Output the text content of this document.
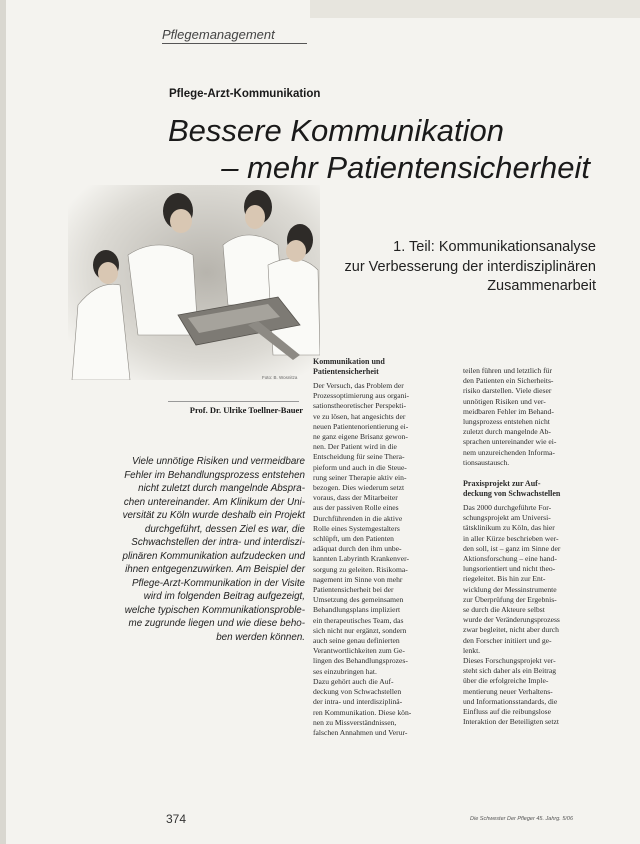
Pflegemanagement
Pflege-Arzt-Kommunikation
Bessere Kommunikation
– mehr Patientensicherheit
Foto: B. Wosnitza
1. Teil: Kommunikationsanalyse
zur Verbesserung der interdisziplinären
Zusammenarbeit
Prof. Dr. Ulrike Toellner-Bauer
Viele unnötige Risiken und vermeidbare
Fehler im Behandlungsprozess entstehen
nicht zuletzt durch mangelnde Abspra-
chen untereinander. Am Klinikum der Uni-
versität zu Köln wurde deshalb ein Projekt
durchgeführt, dessen Ziel es war, die
Schwachstellen der intra- und interdiszi-
plinären Kommunikation aufzudecken und
ihnen entgegenzuwirken. Am Beispiel der
Pflege-Arzt-Kommunikation in der Visite
wird im folgenden Beitrag aufgezeigt,
welche typischen Kommunikationsproble-
me zugrunde liegen und wie diese beho-
ben werden können.
Kommunikation und
Patientensicherheit

Der Versuch, das Problem der
Prozessoptimierung aus organi-
sationstheoretischer Perspekti-
ve zu lösen, hat angesichts der
neuen Patientenorientierung ei-
ne ganz eigene Brisanz gewon-
nen. Der Patient wird in die
Entscheidung für seine Thera-
pieform und auch in die Steue-
rung seiner Therapie aktiv ein-
bezogen. Dies wiederum setzt
voraus, dass der Mitarbeiter
aus der passiven Rolle eines
Durchführenden in die aktive
Rolle eines Systemgestalters
schlüpft, um den Patienten
adäquat durch den ihm unbe-
kannten Labyrinth Krankenver-
sorgung zu geleiten. Risikoma-
nagement im Sinne von mehr
Patientensicherheit bei der
Umsetzung des gemeinsamen
Behandlungsplans impliziert
ein therapeutisches Team, das
sich nicht nur ergänzt, sondern
auch seine genau definierten
Verantwortlichkeiten zum Ge-
lingen des Behandlungsprozes-
ses einzubringen hat.
Dazu gehört auch die Auf-
deckung von Schwachstellen
der intra- und interdisziplinä-
ren Kommunikation. Diese kön-
nen zu Missverständnissen,
falschen Annahmen und Verur-

teilen führen und letztlich für
den Patienten ein Sicherheits-
risiko darstellen. Viele dieser
unnötigen Risiken und ver-
meidbaren Fehler im Behand-
lungsprozess entstehen nicht
zuletzt durch mangelnde Ab-
sprachen untereinander wie ei-
nem unzureichenden Informa-
tionsaustausch.

Praxisprojekt zur Auf-
deckung von Schwachstellen

Das 2000 durchgeführte For-
schungsprojekt am Universi-
tätsklinikum zu Köln, das hier
in aller Kürze beschrieben wer-
den soll, ist – ganz im Sinne der
Aktionsforschung – eine hand-
lungsorientiert und nicht theo-
riegeleitet. Bis hin zur Ent-
wicklung der Messinstrumente
zur Überprüfung der Ergebnis-
se durch die Akteure selbst
wurde der Veränderungsprozess
zwar begleitet, nicht aber durch
den Forscher initiiert und ge-
lenkt.
Dieses Forschungsprojekt ver-
steht sich daher als ein Beitrag
über die erfolgreiche Imple-
mentierung neuer Verhaltens-
und Informationsstandards, die
Einfluss auf die reibungslose
Interaktion der Beteiligten setzt

374	Die Schwester Der Pfleger 45. Jahrg. 5/06
